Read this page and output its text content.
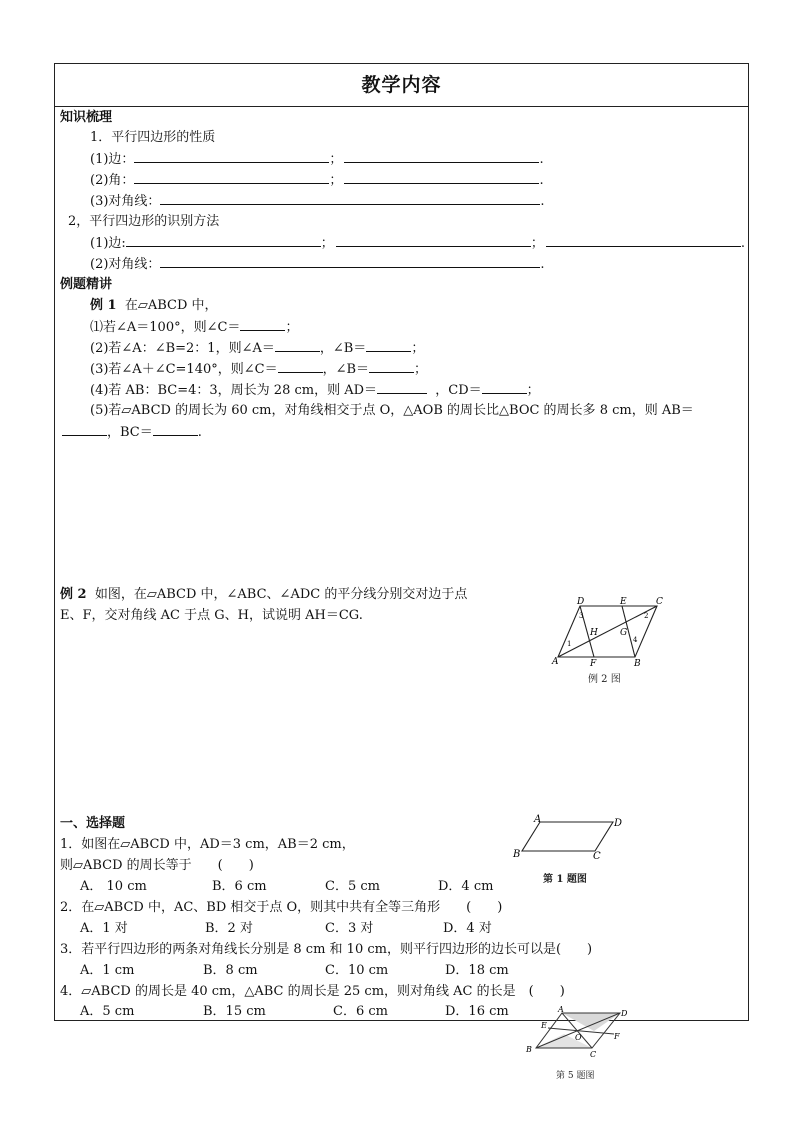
教学内容
知识梳理
1．平行四边形的性质
(1)边：	；	.
(2)角：	；	.
(3)对角线：	.
2，平行四边形的识别方法
(1)边:	；	；	.
(2)对角线：	.
例题精讲
例 1 在▱ABCD 中，
⑴若∠A＝100°，则∠C＝	；
(2)若∠A：∠B=2：1，则∠A＝	，∠B＝	；
(3)若∠A＋∠C=140°，则∠C＝	，∠B＝	；
(4)若 AB：BC=4：3，周长为 28 cm，则 AD＝	，CD＝	；
(5)若▱ABCD 的周长为 60 cm，对角线相交于点 O，△AOB 的周长比△BOC 的周长多 8 cm，则 AB＝
，BC＝	.
例 2 如图，在▱ABCD 中，∠ABC、∠ADC 的平分线分别交对边于点
E、F，交对角线 AC 于点 G、H，试说明 AH＝CG.
D	E	C
A	F	B
H G
1
2
3
4
例 2 图
一、选择题
1．如图在▱ABCD 中，AD＝3 cm，AB＝2 cm，
则▱ABCD 的周长等于　　(　　)
A． 10 cm	B．6 cm	C．5 cm	D．4 cm
A	D
B	C
第 1 题图
2．在▱ABCD 中，AC、BD 相交于点 O，则其中共有全等三角形　　(　　)
A．1 对	B．2 对	C．3 对	D．4 对
3．若平行四边形的两条对角线长分别是 8 cm 和 10 cm，则平行四边形的边长可以是(　　)
A．1 cm	B．8 cm	C．10 cm	D．18 cm
4．▱ABCD 的周长是 40 cm，△ABC 的周长是 25 cm，则对角线 AC 的长是　(　　)
A．5 cm	B．15 cm	C．6 cm	D．16 cm	A	D
E
O	F
B
C
第 5 题图
